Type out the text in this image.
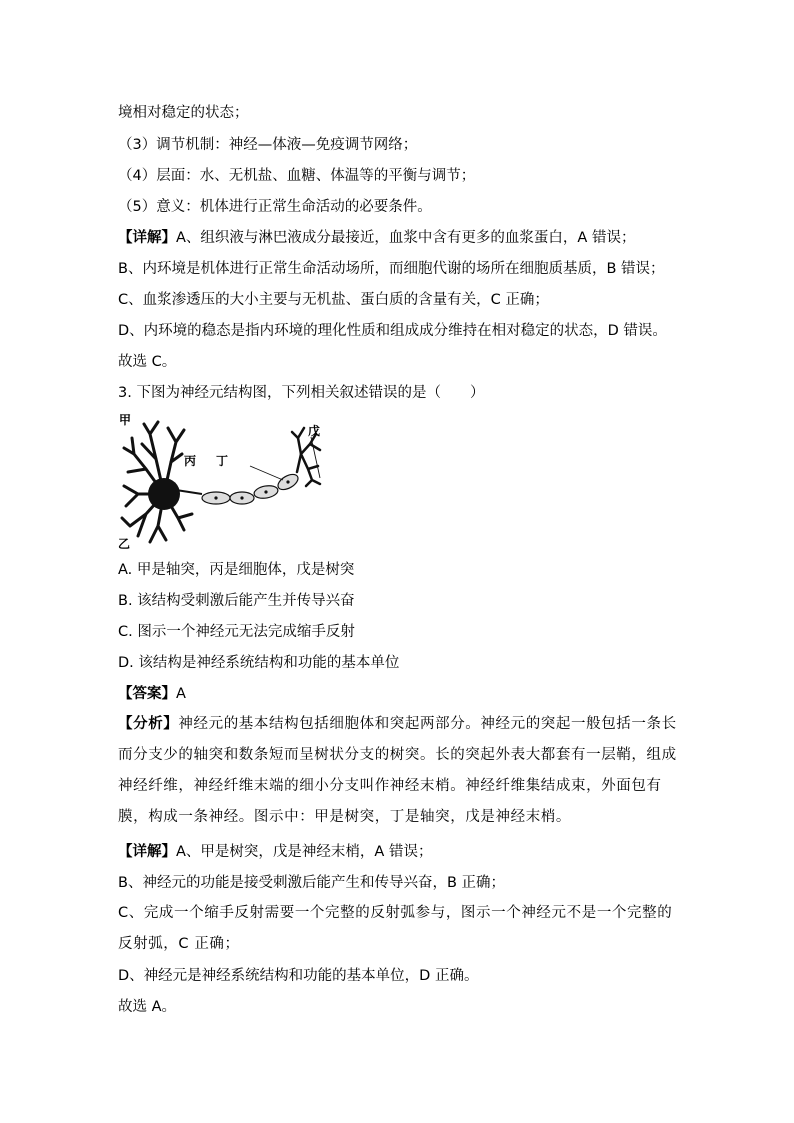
境相对稳定的状态；
（3）调节机制：神经—体液—免疫调节网络；
（4）层面：水、无机盐、血糖、体温等的平衡与调节；
（5）意义：机体进行正常生命活动的必要条件。
【详解】A、组织液与淋巴液成分最接近，血浆中含有更多的血浆蛋白，A 错误；
B、内环境是机体进行正常生命活动场所，而细胞代谢的场所在细胞质基质，B 错误；
C、血浆渗透压的大小主要与无机盐、蛋白质的含量有关，C 正确；
D、内环境的稳态是指内环境的理化性质和组成成分维持在相对稳定的状态，D 错误。
故选 C。
3. 下图为神经元结构图，下列相关叙述错误的是（　　）
甲
乙
丙 丁
戊
A. 甲是轴突，丙是细胞体，戊是树突
B. 该结构受刺激后能产生并传导兴奋
C. 图示一个神经元无法完成缩手反射
D. 该结构是神经系统结构和功能的基本单位
【答案】A
【分析】神经元的基本结构包括细胞体和突起两部分。神经元的突起一般包括一条长而分支少的轴突和数条短而呈树状分支的树突。长的突起外表大都套有一层鞘，组成神经纤维，神经纤维末端的细小分支叫作神经末梢。神经纤维集结成束，外面包有膜，构成一条神经。图示中：甲是树突，丁是轴突，戊是神经末梢。
【详解】A、甲是树突，戊是神经末梢，A 错误；
B、神经元的功能是接受刺激后能产生和传导兴奋，B 正确；
C、完成一个缩手反射需要一个完整的反射弧参与，图示一个神经元不是一个完整的反射弧，C 正确；
D、神经元是神经系统结构和功能的基本单位，D 正确。
故选 A。
